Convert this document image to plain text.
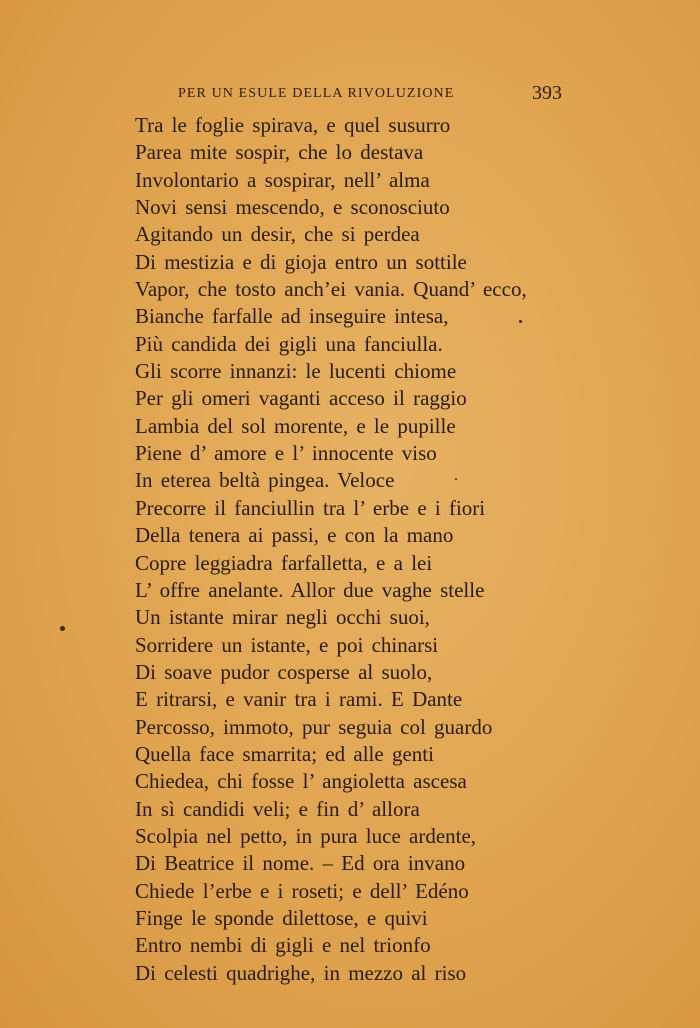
PER UN ESULE DELLA RIVOLUZIONE	393
Tra le foglie spirava, e quel susurro
Parea mite sospir, che lo destava
Involontario a sospirar, nell’ alma
Novi sensi mescendo, e sconosciuto
Agitando un desir, che si perdea
Di mestizia e di gioja entro un sottile
Vapor, che tosto anch’ei vania. Quand’ ecco,
Bianche farfalle ad inseguire intesa,
Più candida dei gigli una fanciulla.
Gli scorre innanzi: le lucenti chiome
Per gli omeri vaganti acceso il raggio
Lambia del sol morente, e le pupille
Piene d’ amore e l’ innocente viso
In eterea beltà pingea. Veloce
Precorre il fanciullin tra l’ erbe e i fiori
Della tenera ai passi, e con la mano
Copre leggiadra farfalletta, e a lei
L’ offre anelante. Allor due vaghe stelle
Un istante mirar negli occhi suoi,
Sorridere un istante, e poi chinarsi
Di soave pudor cosperse al suolo,
E ritrarsi, e vanir tra i rami. E Dante
Percosso, immoto, pur seguia col guardo
Quella face smarrita; ed alle genti
Chiedea, chi fosse l’ angioletta ascesa
In sì candidi veli; e fin d’ allora
Scolpia nel petto, in pura luce ardente,
Di Beatrice il nome. – Ed ora invano
Chiede l’erbe e i roseti; e dell’ Edéno
Finge le sponde dilettose, e quivi
Entro nembi di gigli e nel trionfo
Di celesti quadrighe, in mezzo al riso
